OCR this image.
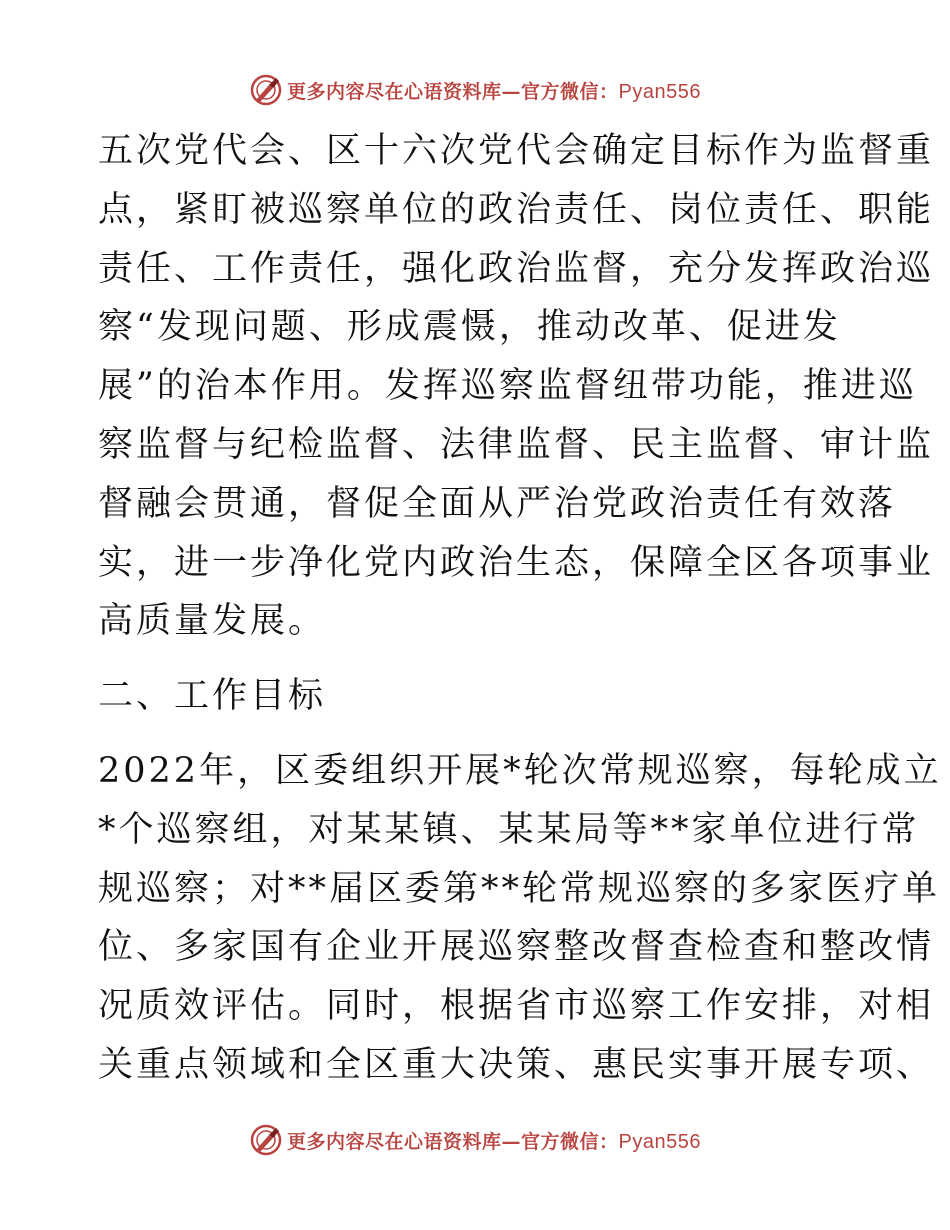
更多内容尽在心语资料库—官方微信：Pyan556
五次党代会、区十六次党代会确定目标作为监督重
点，紧盯被巡察单位的政治责任、岗位责任、职能
责任、工作责任，强化政治监督，充分发挥政治巡
察“发现问题、形成震慑，推动改革、促进发
展”的治本作用。发挥巡察监督纽带功能，推进巡
察监督与纪检监督、法律监督、民主监督、审计监
督融会贯通，督促全面从严治党政治责任有效落
实，进一步净化党内政治生态，保障全区各项事业
高质量发展。
二、工作目标
2022年，区委组织开展*轮次常规巡察，每轮成立
*个巡察组，对某某镇、某某局等**家单位进行常
规巡察；对**届区委第**轮常规巡察的多家医疗单
位、多家国有企业开展巡察整改督查检查和整改情
况质效评估。同时，根据省市巡察工作安排，对相
关重点领域和全区重大决策、惠民实事开展专项、
更多内容尽在心语资料库—官方微信：Pyan556
